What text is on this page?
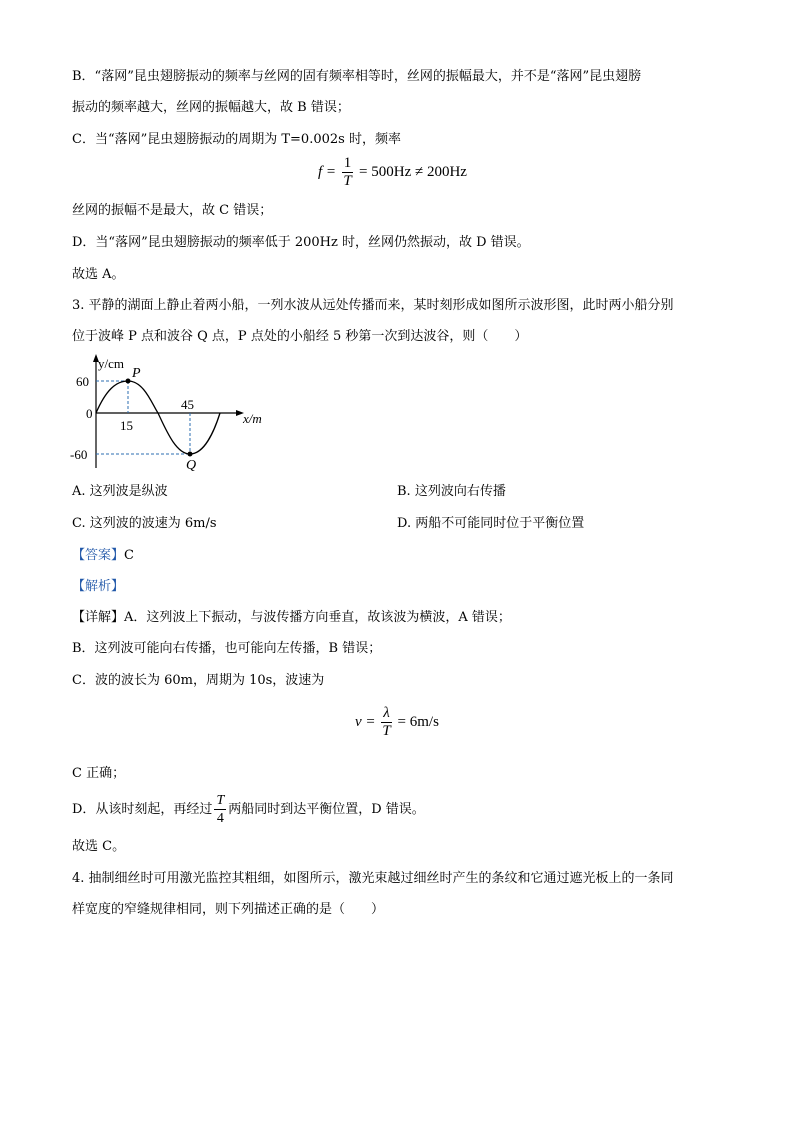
B．“落网”昆虫翅膀振动的频率与丝网的固有频率相等时，丝网的振幅最大，并不是“落网”昆虫翅膀
振动的频率越大，丝网的振幅越大，故 B 错误；
C．当“落网”昆虫翅膀振动的周期为 T=0.002s 时，频率
$f = \frac{1}{T} = 500Hz \ne 200Hz$
丝网的振幅不是最大，故 C 错误；
D．当“落网”昆虫翅膀振动的频率低于 200Hz 时，丝网仍然振动，故 D 错误。
故选 A。
3. 平静的湖面上静止着两小船，一列水波从远处传播而来，某时刻形成如图所示波形图，此时两小船分别
位于波峰 P 点和波谷 Q 点，P 点处的小船经 5 秒第一次到达波谷，则（　　）
y/cm
x/m
60
0
-60
15
45
P
Q
A. 这列波是纵波	B. 这列波向右传播
C. 这列波的波速为 6m/s	D. 两船不可能同时位于平衡位置
【答案】C
【解析】
【详解】A．这列波上下振动，与波传播方向垂直，故该波为横波，A 错误；
B．这列波可能向右传播，也可能向左传播，B 错误；
C．波的波长为 60m，周期为 10s，波速为
$v = \frac{\lambda}{T} = 6m/s$
C 正确；
D．从该时刻起，再经过 $\frac{T}{4}$ 两船同时到达平衡位置，D 错误。
故选 C。
4. 抽制细丝时可用激光监控其粗细，如图所示，激光束越过细丝时产生的条纹和它通过遮光板上的一条同
样宽度的窄缝规律相同，则下列描述正确的是（　　）
